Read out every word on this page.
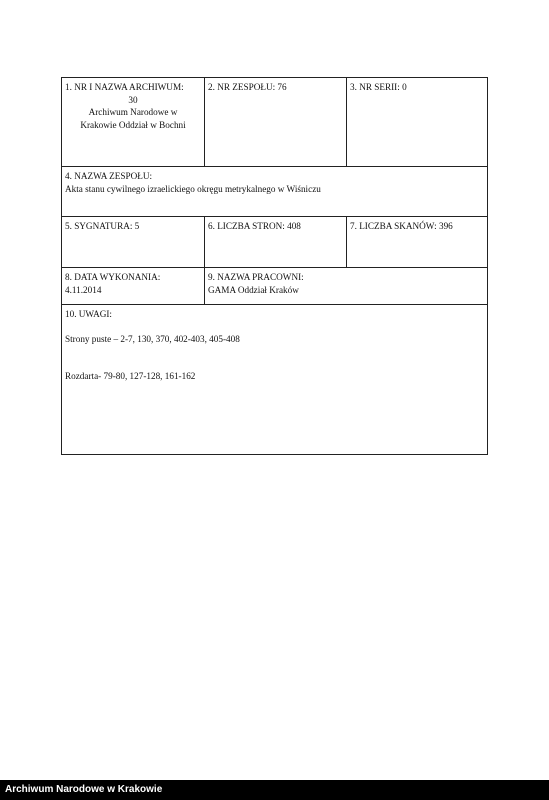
1. NR I NAZWA ARCHIWUM:
30
Archiwum Narodowe w
Krakowie Oddział w Bochni
2. NR ZESPOŁU: 76	3. NR SERII: 0
4. NAZWA ZESPOŁU:
Akta stanu cywilnego izraelickiego okręgu metrykalnego w Wiśniczu
5. SYGNATURA: 5	6. LICZBA STRON: 408	7. LICZBA SKANÓW: 396
8. DATA WYKONANIA:
4.11.2014
9. NAZWA PRACOWNI:
GAMA Oddział Kraków
10. UWAGI:
Strony puste – 2-7, 130, 370, 402-403, 405-408
Rozdarta- 79-80, 127-128, 161-162
Archiwum Narodowe w Krakowie
